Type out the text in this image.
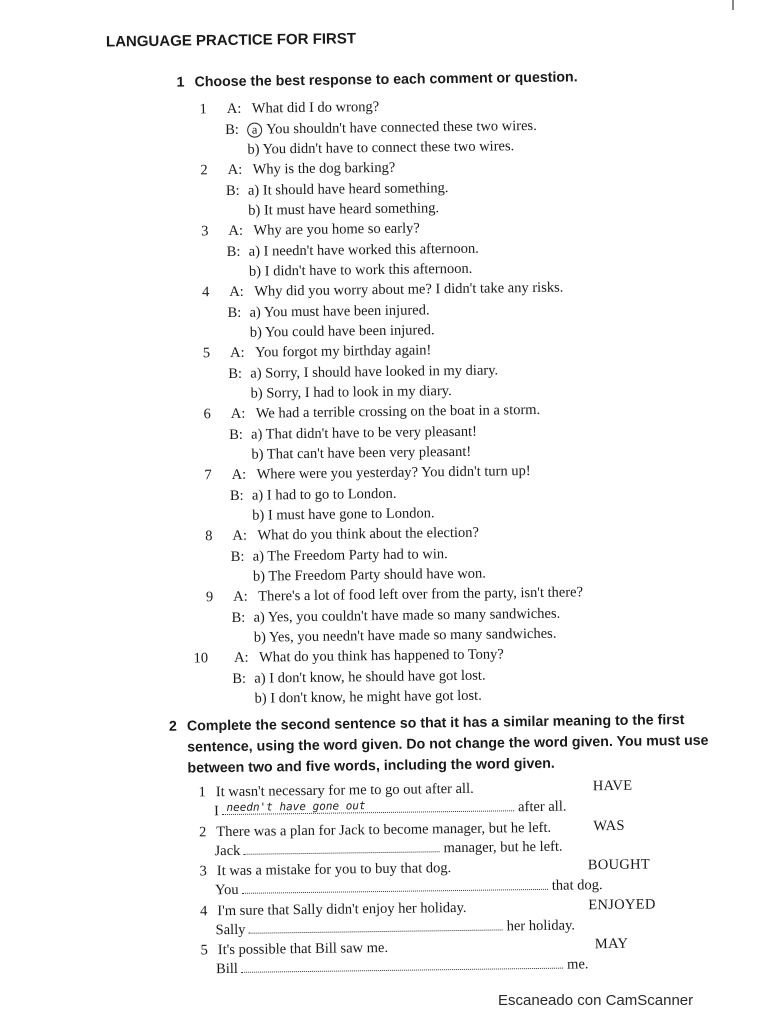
LANGUAGE PRACTICE FOR FIRST
1 Choose the best response to each comment or question.
1 A: What did I do wrong?
B:	a You shouldn't have connected these two wires.
b) You didn't have to connect these two wires.
2 A: Why is the dog barking?
B: a) It should have heard something.
b) It must have heard something.
3 A: Why are you home so early?
B: a) I needn't have worked this afternoon.
b) I didn't have to work this afternoon.
4 A: Why did you worry about me? I didn't take any risks.
B: a) You must have been injured.
b) You could have been injured.
5 A: You forgot my birthday again!
B: a) Sorry, I should have looked in my diary.
b) Sorry, I had to look in my diary.
6 A: We had a terrible crossing on the boat in a storm.
B: a) That didn't have to be very pleasant!
b) That can't have been very pleasant!
7 A: Where were you yesterday? You didn't turn up!
B: a) I had to go to London.
b) I must have gone to London.
8 A: What do you think about the election?
B: a) The Freedom Party had to win.
b) The Freedom Party should have won.
9 A: There's a lot of food left over from the party, isn't there?
B: a) Yes, you couldn't have made so many sandwiches.
b) Yes, you needn't have made so many sandwiches.
10 A: What do you think has happened to Tony?
B: a) I don't know, he should have got lost.
b) I don't know, he might have got lost.
2 Complete the second sentence so that it has a similar meaning to the first sentence, using the word given. Do not change the word given. You must use between two and five words, including the word given.
1 It wasn't necessary for me to go out after all.	HAVE
I needn't have gone out	after all.
2 There was a plan for Jack to become manager, but he left.	WAS
Jack	manager, but he left.
3 It was a mistake for you to buy that dog.	BOUGHT
You	that dog.
4 I'm sure that Sally didn't enjoy her holiday.	ENJOYED
Sally	her holiday.
5 It's possible that Bill saw me.	MAY
Bill	me.
Escaneado con CamScanner
